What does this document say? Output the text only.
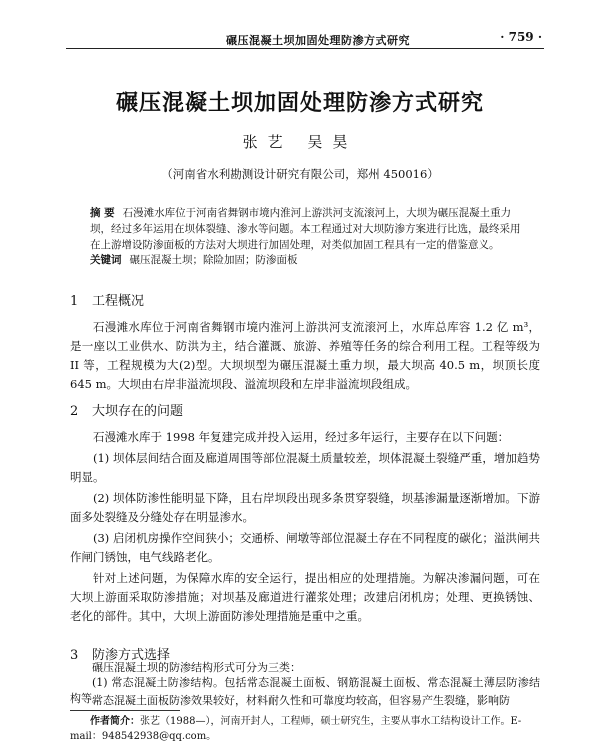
碾压混凝土坝加固处理防渗方式研究	· 759 ·
碾压混凝土坝加固处理防渗方式研究
张艺 吴昊
（河南省水利勘测设计研究有限公司，郑州 450016）
摘 要 石漫滩水库位于河南省舞钢市境内淮河上游洪河支流滚河上，大坝为碾压混凝土重力坝，经过多年运用在坝体裂缝、渗水等问题。本工程通过对大坝防渗方案进行比选，最终采用在上游增设防渗面板的方法对大坝进行加固处理，对类似加固工程具有一定的借鉴意义。
关键词 碾压混凝土坝；除险加固；防渗面板
1 工程概况

石漫滩水库位于河南省舞钢市境内淮河上游洪河支流滚河上，水库总库容 1.2 亿 m³，是一座以工业供水、防洪为主，结合灌溉、旅游、养殖等任务的综合利用工程。工程等级为 II 等，工程规模为大(2)型。大坝坝型为碾压混凝土重力坝，最大坝高 40.5 m，坝顶长度 645 m。大坝由右岸非溢流坝段、溢流坝段和左岸非溢流坝段组成。

2 大坝存在的问题

石漫滩水库于 1998 年复建完成并投入运用，经过多年运行，主要存在以下问题：

(1) 坝体层间结合面及廊道周围等部位混凝土质量较差，坝体混凝土裂缝严重，增加趋势明显。

(2) 坝体防渗性能明显下降，且右岸坝段出现多条贯穿裂缝，坝基渗漏量逐渐增加。下游面多处裂缝及分缝处存在明显渗水。

(3) 启闭机房操作空间狭小；交通桥、闸墩等部位混凝土存在不同程度的碳化；溢洪闸共作闸门锈蚀，电气线路老化。

针对上述问题，为保障水库的安全运行，提出相应的处理措施。为解决渗漏问题，可在大坝上游面采取防渗措施；对坝基及廊道进行灌浆处理；改建启闭机房；处理、更换锈蚀、老化的部件。其中，大坝上游面防渗处理措施是重中之重。

3 防渗方式选择

碾压混凝土坝的防渗结构形式可分为三类：

(1) 常态混凝土防渗结构。包括常态混凝土面板、钢筋混凝土面板、常态混凝土薄层防渗结构等。

常态混凝土面板防渗效果较好，材料耐久性和可靠度均较高，但容易产生裂缝，影响防

作者简介：张艺（1988—），河南开封人，工程师，硕士研究生，主要从事水工结构设计工作。E-mail：948542938@qq.com。
